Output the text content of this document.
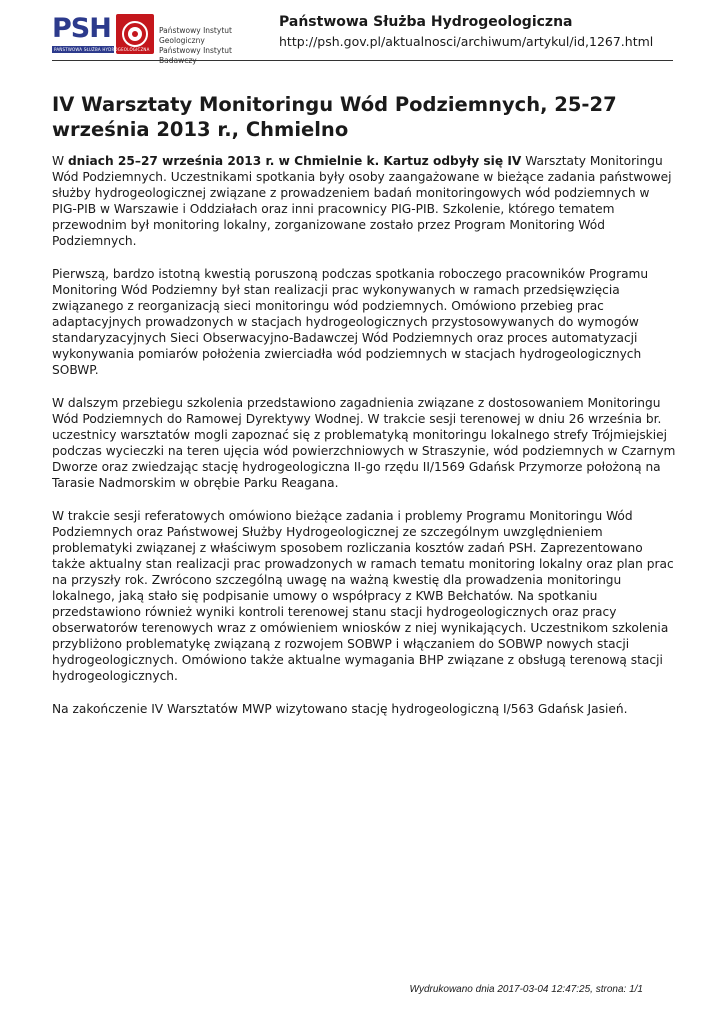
PSH
PAŃSTWOWA SŁUŻBA HYDROGEOLOGICZNA
Państwowy Instytut Geologiczny
Państwowy Instytut
Państwowa Służba Hydrogeologiczna
http://psh.gov.pl/aktualnosci/archiwum/artykul/id,1267.html
IV Warsztaty Monitoringu Wód Podziemnych, 25-27 września 2013 r., Chmielno

W dniach 25–27 września 2013 r. w Chmielnie k. Kartuz odbyły się IV Warsztaty Monitoringu Wód Podziemnych. Uczestnikami spotkania były osoby zaangażowane w bieżące zadania państwowej służby hydrogeologicznej związane z prowadzeniem badań monitoringowych wód podziemnych w PIG-PIB w Warszawie i Oddziałach oraz inni pracownicy PIG-PIB. Szkolenie, którego tematem przewodnim był monitoring lokalny, zorganizowane zostało przez Program Monitoring Wód Podziemnych.

Pierwszą, bardzo istotną kwestią poruszoną podczas spotkania roboczego pracowników Programu Monitoring Wód Podziemny był stan realizacji prac wykonywanych w ramach przedsięwzięcia związanego z reorganizacją sieci monitoringu wód podziemnych. Omówiono przebieg prac adaptacyjnych prowadzonych w stacjach hydrogeologicznych przystosowywanych do wymogów standaryzacyjnych Sieci Obserwacyjno-Badawczej Wód Podziemnych oraz proces automatyzacji wykonywania pomiarów położenia zwierciadła wód podziemnych w stacjach hydrogeologicznych SOBWP.

W dalszym przebiegu szkolenia przedstawiono zagadnienia związane z dostosowaniem Monitoringu Wód Podziemnych do Ramowej Dyrektywy Wodnej. W trakcie sesji terenowej w dniu 26 września br. uczestnicy warsztatów mogli zapoznać się z problematyką monitoringu lokalnego strefy Trójmiejskiej podczas wycieczki na teren ujęcia wód powierzchniowych w Straszynie, wód podziemnych w Czarnym Dworze oraz zwiedzając stację hydrogeologiczna II-go rzędu II/1569 Gdańsk Przymorze położoną na Tarasie Nadmorskim w obrębie Parku Reagana.

W trakcie sesji referatowych omówiono bieżące zadania i problemy Programu Monitoringu Wód Podziemnych oraz Państwowej Służby Hydrogeologicznej ze szczególnym uwzględnieniem problematyki związanej z właściwym sposobem rozliczania kosztów zadań PSH. Zaprezentowano także aktualny stan realizacji prac prowadzonych w ramach tematu monitoring lokalny oraz plan prac na przyszły rok. Zwrócono szczególną uwagę na ważną kwestię dla prowadzenia monitoringu lokalnego, jaką stało się podpisanie umowy o współpracy z KWB Bełchatów. Na spotkaniu przedstawiono również wyniki kontroli terenowej stanu stacji hydrogeologicznych oraz pracy obserwatorów terenowych wraz z omówieniem wniosków z niej wynikających. Uczestnikom szkolenia przybliżono problematykę związaną z rozwojem SOBWP i włączaniem do SOBWP nowych stacji hydrogeologicznych. Omówiono także aktualne wymagania BHP związane z obsługą terenową stacji hydrogeologicznych.

Na zakończenie IV Warsztatów MWP wizytowano stację hydrogeologiczną I/563 Gdańsk Jasień.

Wydrukowano dnia 2017-03-04 12:47:25, strona: 1/1
